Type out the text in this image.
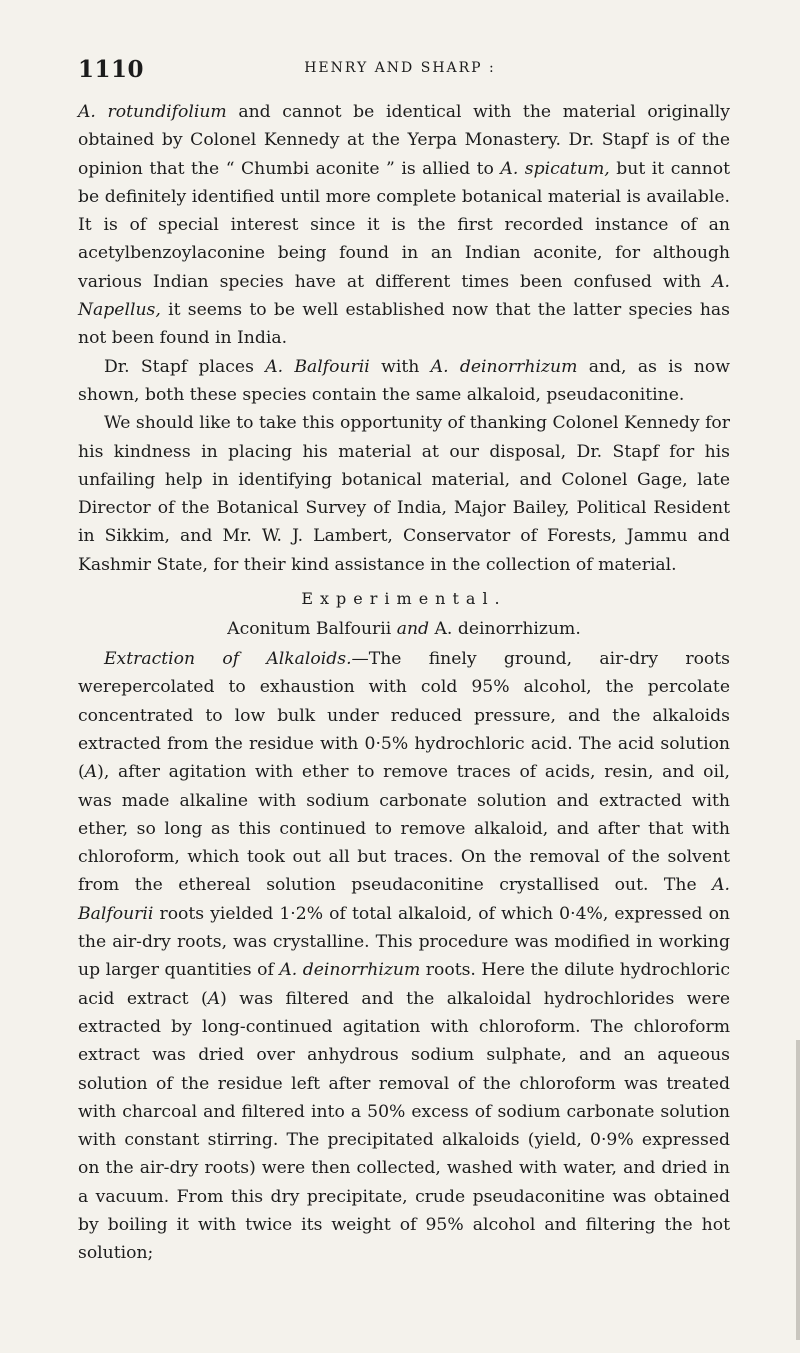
1110	HENRY AND SHARP :

A. rotundifolium and cannot be identical with the material originally obtained by Colonel Kennedy at the Yerpa Monastery. Dr. Stapf is of the opinion that the “ Chumbi aconite ” is allied to A. spicatum, but it cannot be definitely identified until more complete botanical material is available. It is of special interest since it is the first recorded instance of an acetylbenzoylaconine being found in an Indian aconite, for although various Indian species have at different times been confused with A. Napellus, it seems to be well established now that the latter species has not been found in India.

Dr. Stapf places A. Balfourii with A. deinorrhizum and, as is now shown, both these species contain the same alkaloid, pseudaconitine.

We should like to take this opportunity of thanking Colonel Kennedy for his kindness in placing his material at our disposal, Dr. Stapf for his unfailing help in identifying botanical material, and Colonel Gage, late Director of the Botanical Survey of India, Major Bailey, Political Resident in Sikkim, and Mr. W. J. Lambert, Conservator of Forests, Jammu and Kashmir State, for their kind assistance in the collection of material.

Experimental.

Aconitum Balfourii and A. deinorrhizum.

Extraction of Alkaloids.—The finely ground, air-dry roots werepercolated to exhaustion with cold 95% alcohol, the percolate concentrated to low bulk under reduced pressure, and the alkaloids extracted from the residue with 0·5% hydrochloric acid. The acid solution (A), after agitation with ether to remove traces of acids, resin, and oil, was made alkaline with sodium carbonate solution and extracted with ether, so long as this continued to remove alkaloid, and after that with chloroform, which took out all but traces. On the removal of the solvent from the ethereal solution pseudaconitine crystallised out. The A. Balfourii roots yielded 1·2% of total alkaloid, of which 0·4%, expressed on the air-dry roots, was crystalline. This procedure was modified in working up larger quantities of A. deinorrhizum roots. Here the dilute hydrochloric acid extract (A) was filtered and the alkaloidal hydrochlorides were extracted by long-continued agitation with chloroform. The chloroform extract was dried over anhydrous sodium sulphate, and an aqueous solution of the residue left after removal of the chloroform was treated with charcoal and filtered into a 50% excess of sodium carbonate solution with constant stirring. The precipitated alkaloids (yield, 0·9% expressed on the air-dry roots) were then collected, washed with water, and dried in a vacuum. From this dry precipitate, crude pseudaconitine was obtained by boiling it with twice its weight of 95% alcohol and filtering the hot solution;
